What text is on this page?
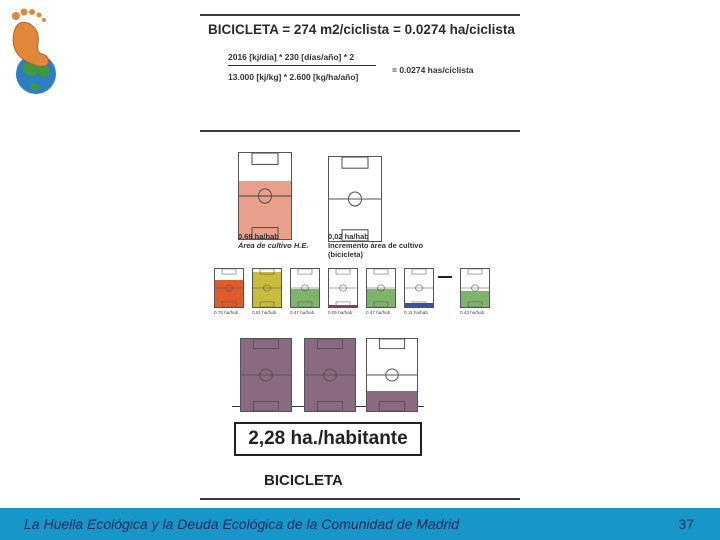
BICICLETA = 274 m2/ciclista = 0.0274 ha/ciclista
2016 [kj/día] * 230 [días/año] * 2
13.000 [kj/kg] * 2.600 [kg/ha/año]
= 0.0274 has/ciclista
0,68 ha/hab
Área de cultivo H.E.
0,02 ha/hab
Incremento área de cultivo
(bicicleta)
2,28 ha./habitante
BICICLETA
0.70 ha/hab	0.91 ha/hab	0.47 ha/hab	0.05 ha/hab	0.47 ha/hab	0.11 ha/hab	0.43 ha/hab
La Huella Ecológica y la Deuda Ecológica de la Comunidad de Madrid	37
